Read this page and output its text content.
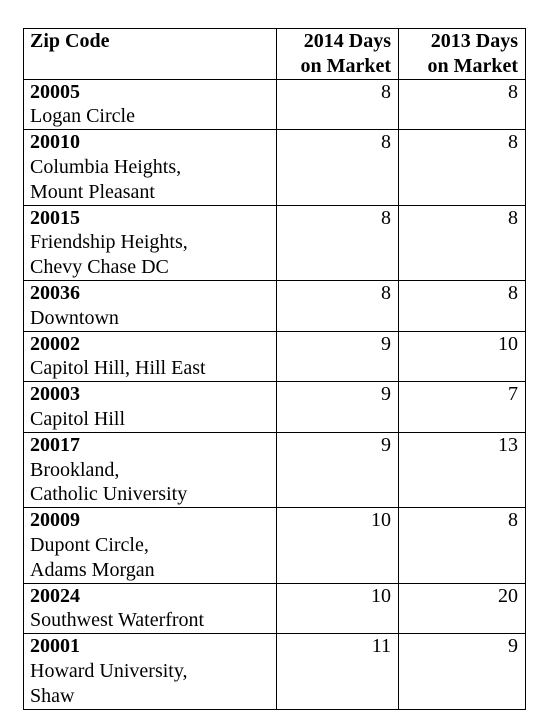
Zip Code	2014 Days on Market	2013 Days on Market

20005
Logan Circle	8	8

20010
Columbia Heights,
Mount Pleasant	8	8

20015
Friendship Heights,
Chevy Chase DC	8	8

20036
Downtown	8	8

20002
Capitol Hill, Hill East	9	10

20003
Capitol Hill	9	7

20017
Brookland,
Catholic University	9	13

20009
Dupont Circle,
Adams Morgan	10	8

20024
Southwest Waterfront	10	20

20001
Howard University,
Shaw	11	9
